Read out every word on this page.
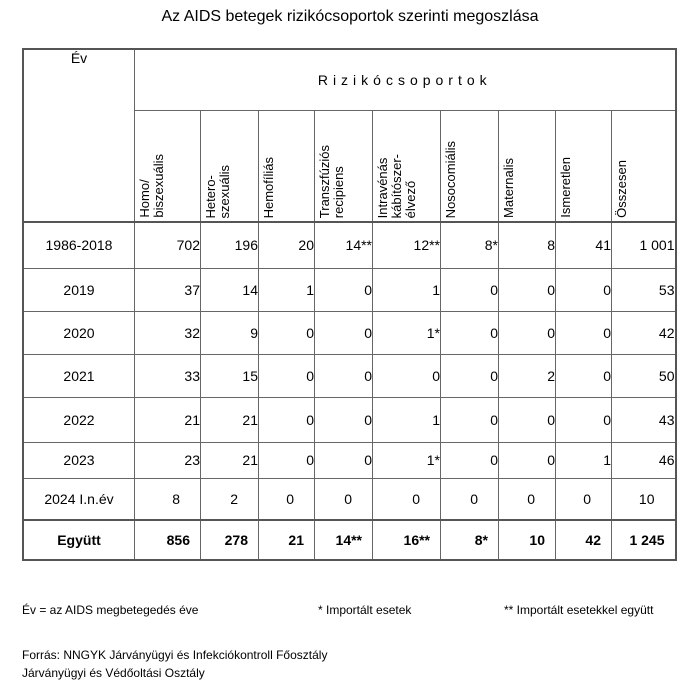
Az AIDS betegek rizikócsoportok szerinti megoszlása
Év	Rizikócsoportok								
	Homo/
biszexuális	Hetero-
szexuális	Hemofíliás	Transzfúziós
recipiens	Intravénás
kábítószer-
élvező	Nosocomiális	Maternalis	Ismeretlen	Összesen
1986-2018	702	196	20	14**	12**	8*	8	41	1 001
2019	37	14	1	0	1	0	0	0	53
2020	32	9	0	0	1*	0	0	0	42
2021	33	15	0	0	0	0	2	0	50
2022	21	21	0	0	1	0	0	0	43
2023	23	21	0	0	1*	0	0	1	46
2024 I.n.év	8	2	0	0	0	0	0	0	10
Együtt	856	278	21	14**	16**	8*	10	42	1 245
Év = az AIDS megbetegedés éve	* Importált esetek	** Importált esetekkel együtt
Forrás: NNGYK Járványügyi és Infekciókontroll Főosztály
Járványügyi és Védőoltási Osztály
